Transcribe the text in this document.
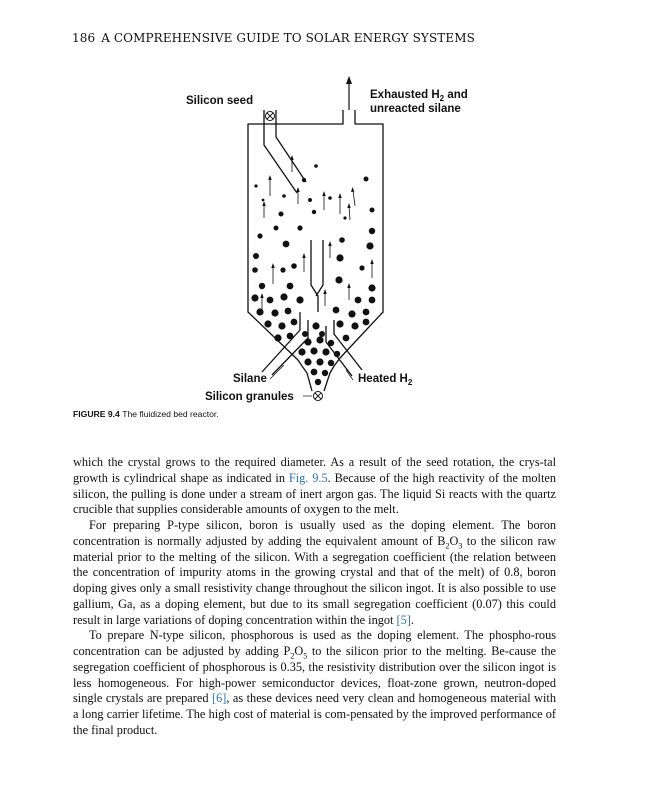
186 A COMPREHENSIVE GUIDE TO SOLAR ENERGY SYSTEMS
Silicon seed	Exhausted $H_2$ and
unreacted silane
Silane	Heated $H_2$
Silicon granules
FIGURE 9.4 The fluidized bed reactor.

which the crystal grows to the required diameter. As a result of the seed rotation, the crys-tal growth is cylindrical shape as indicated in Fig. 9.5. Because of the high reactivity of the molten silicon, the pulling is done under a stream of inert argon gas. The liquid Si reacts with the quartz crucible that supplies considerable amounts of oxygen to the melt.

For preparing P-type silicon, boron is usually used as the doping element. The boron concentration is normally adjusted by adding the equivalent amount of $B_2O_3$ to the silicon raw material prior to the melting of the silicon. With a segregation coefficient (the relation between the concentration of impurity atoms in the growing crystal and that of the melt) of 0.8, boron doping gives only a small resistivity change throughout the silicon ingot. It is also possible to use gallium, Ga, as a doping element, but due to its small segregation coefficient (0.07) this could result in large variations of doping concentration within the ingot [5].

To prepare N-type silicon, phosphorous is used as the doping element. The phospho-rous concentration can be adjusted by adding $P_2O_5$ to the silicon prior to the melting. Be-cause the segregation coefficient of phosphorous is 0.35, the resistivity distribution over the silicon ingot is less homogeneous. For high-power semiconductor devices, float-zone grown, neutron-doped single crystals are prepared [6], as these devices need very clean and homogeneous material with a long carrier lifetime. The high cost of material is com-pensated by the improved performance of the final product.
